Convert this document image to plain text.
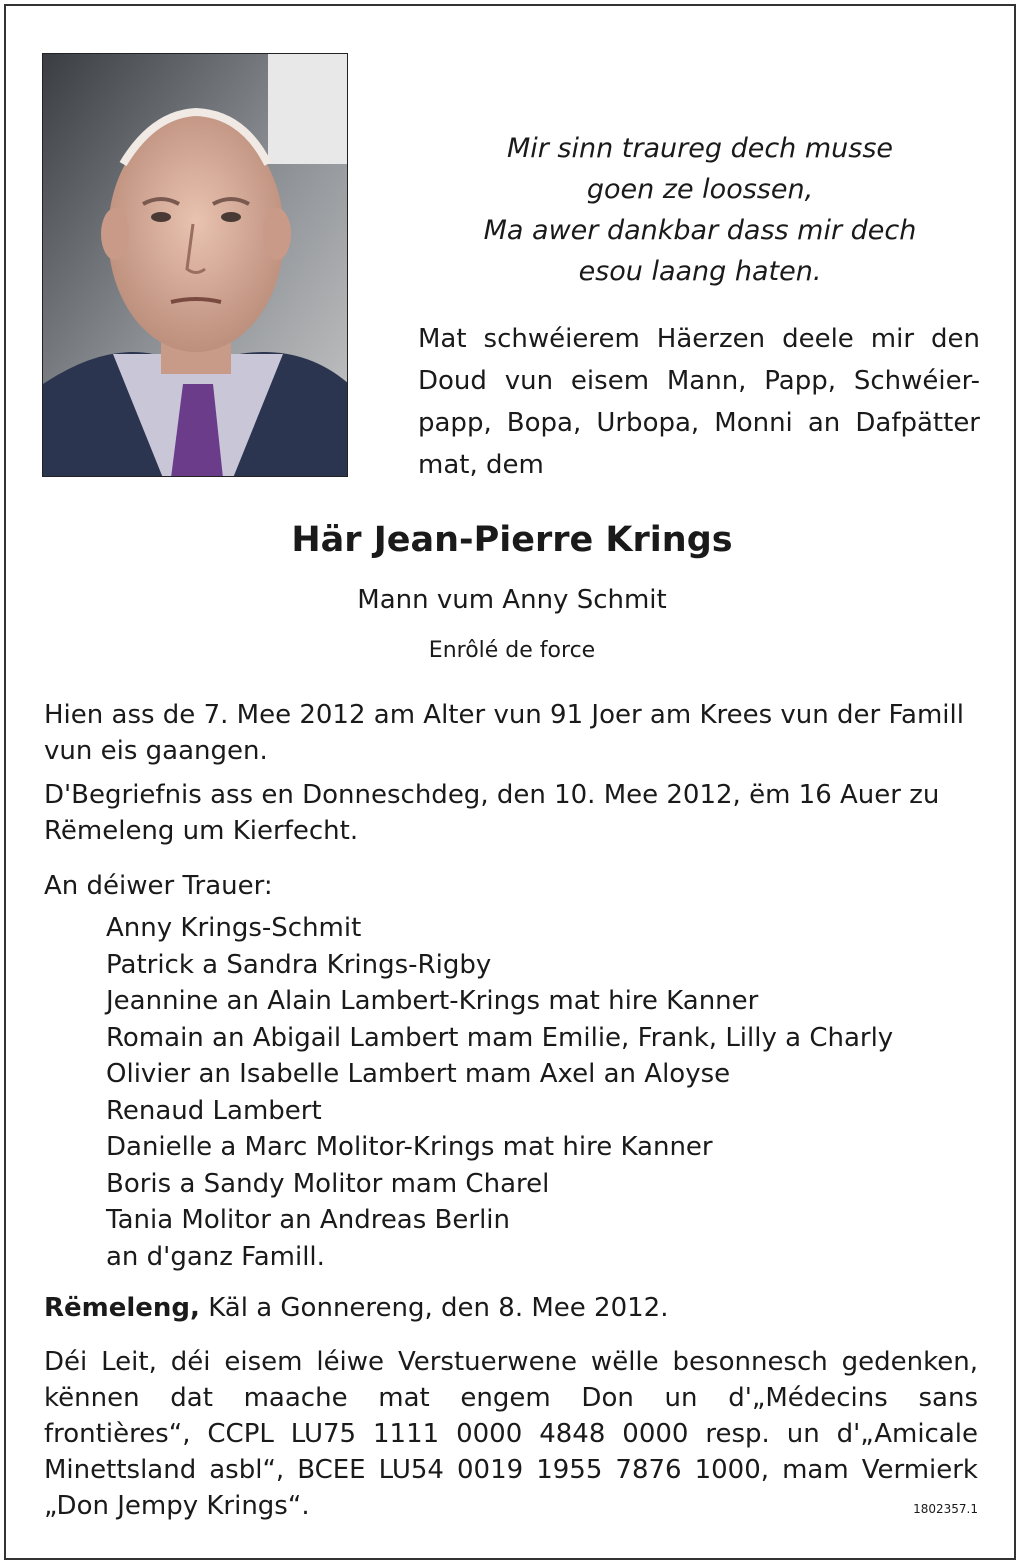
Mir sinn traureg dech musse
goen ze loossen,
Ma awer dankbar dass mir dech
esou laang haten.
Mat schwéierem Häerzen deele mir den
Doud vun eisem Mann, Papp, Schwéier-
papp, Bopa, Urbopa, Monni an Dafpätter
mat, dem
Här Jean-Pierre Krings
Mann vum Anny Schmit
Enrôlé de force
Hien ass de 7. Mee 2012 am Alter vun 91 Joer am Krees vun der Famill
vun eis gaangen.
D'Begriefnis ass en Donneschdeg, den 10. Mee 2012, ëm 16 Auer zu
Rëmeleng um Kierfecht.
An déiwer Trauer:
Anny Krings-Schmit
Patrick a Sandra Krings-Rigby
Jeannine an Alain Lambert-Krings mat hire Kanner
Romain an Abigail Lambert mam Emilie, Frank, Lilly a Charly
Olivier an Isabelle Lambert mam Axel an Aloyse
Renaud Lambert
Danielle a Marc Molitor-Krings mat hire Kanner
Boris a Sandy Molitor mam Charel
Tania Molitor an Andreas Berlin
an d'ganz Famill.
Rëmeleng, Käl a Gonnereng, den 8. Mee 2012.
Déi Leit, déi eisem léiwe Verstuerwene wëlle besonnesch gedenken,
kënnen dat maache mat engem Don un d'„Médecins sans
frontières“, CCPL LU75 1111 0000 4848 0000 resp. un d'„Amicale
Minettsland asbl“, BCEE LU54 0019 1955 7876 1000, mam Vermierk
„Don Jempy Krings“.	1802357.1
